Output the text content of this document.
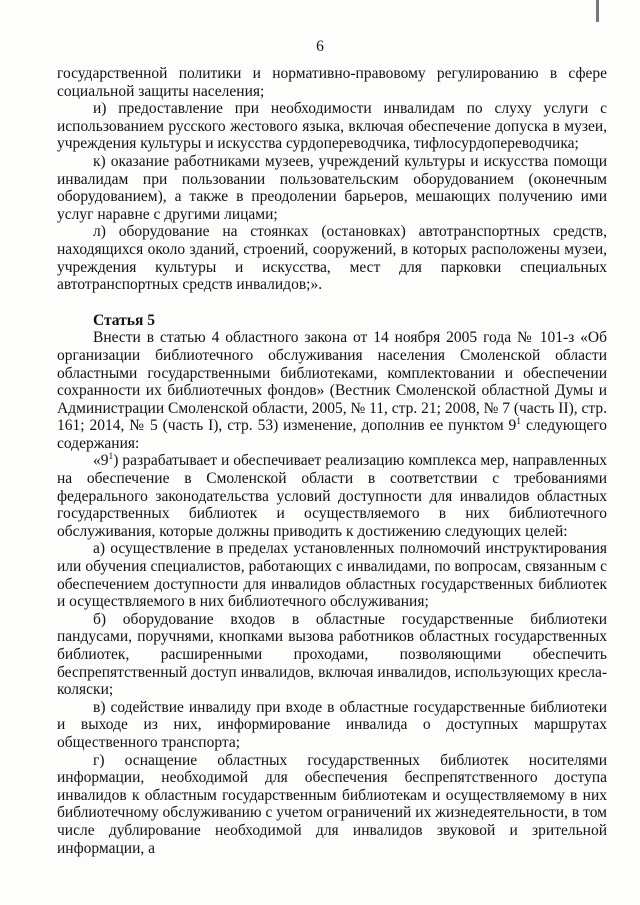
6

государственной политики и нормативно-правовому регулированию в сфере социальной защиты населения;

и) предоставление при необходимости инвалидам по слуху услуги с использованием русского жестового языка, включая обеспечение допуска в музеи, учреждения культуры и искусства сурдопереводчика, тифлосурдопереводчика;

к) оказание работниками музеев, учреждений культуры и искусства помощи инвалидам при пользовании пользовательским оборудованием (оконечным оборудованием), а также в преодолении барьеров, мешающих получению ими услуг наравне с другими лицами;

л) оборудование на стоянках (остановках) автотранспортных средств, находящихся около зданий, строений, сооружений, в которых расположены музеи, учреждения культуры и искусства, мест для парковки специальных автотранспортных средств инвалидов;».

Статья 5

Внести в статью 4 областного закона от 14 ноября 2005 года № 101-з «Об организации библиотечного обслуживания населения Смоленской области областными государственными библиотеками, комплектовании и обеспечении сохранности их библиотечных фондов» (Вестник Смоленской областной Думы и Администрации Смоленской области, 2005, № 11, стр. 21; 2008, № 7 (часть II), стр. 161; 2014, № 5 (часть I), стр. 53) изменение, дополнив ее пунктом $9^1$ следующего содержания:

«$9^1$) разрабатывает и обеспечивает реализацию комплекса мер, направленных на обеспечение в Смоленской области в соответствии с требованиями федерального законодательства условий доступности для инвалидов областных государственных библиотек и осуществляемого в них библиотечного обслуживания, которые должны приводить к достижению следующих целей:

а) осуществление в пределах установленных полномочий инструктирования или обучения специалистов, работающих с инвалидами, по вопросам, связанным с обеспечением доступности для инвалидов областных государственных библиотек и осуществляемого в них библиотечного обслуживания;

б) оборудование входов в областные государственные библиотеки пандусами, поручнями, кнопками вызова работников областных государственных библиотек, расширенными проходами, позволяющими обеспечить беспрепятственный доступ инвалидов, включая инвалидов, использующих кресла-коляски;

в) содействие инвалиду при входе в областные государственные библиотеки и выходе из них, информирование инвалида о доступных маршрутах общественного транспорта;

г) оснащение областных государственных библиотек носителями информации, необходимой для обеспечения беспрепятственного доступа инвалидов к областным государственным библиотекам и осуществляемому в них библиотечному обслуживанию с учетом ограничений их жизнедеятельности, в том числе дублирование необходимой для инвалидов звуковой и зрительной информации, а
